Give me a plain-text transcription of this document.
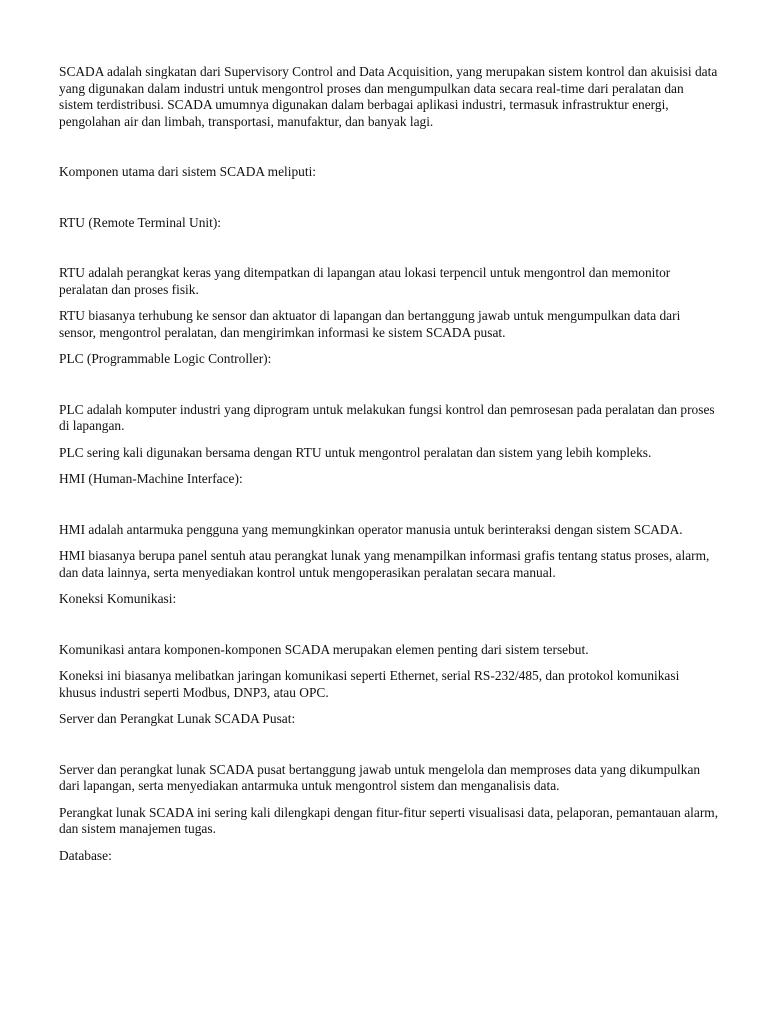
SCADA adalah singkatan dari Supervisory Control and Data Acquisition, yang merupakan sistem kontrol dan akuisisi data yang digunakan dalam industri untuk mengontrol proses dan mengumpulkan data secara real-time dari peralatan dan sistem terdistribusi. SCADA umumnya digunakan dalam berbagai aplikasi industri, termasuk infrastruktur energi, pengolahan air dan limbah, transportasi, manufaktur, dan banyak lagi.

Komponen utama dari sistem SCADA meliputi:

RTU (Remote Terminal Unit):

RTU adalah perangkat keras yang ditempatkan di lapangan atau lokasi terpencil untuk mengontrol dan memonitor peralatan dan proses fisik.

RTU biasanya terhubung ke sensor dan aktuator di lapangan dan bertanggung jawab untuk mengumpulkan data dari sensor, mengontrol peralatan, dan mengirimkan informasi ke sistem SCADA pusat.

PLC (Programmable Logic Controller):

PLC adalah komputer industri yang diprogram untuk melakukan fungsi kontrol dan pemrosesan pada peralatan dan proses di lapangan.

PLC sering kali digunakan bersama dengan RTU untuk mengontrol peralatan dan sistem yang lebih kompleks.

HMI (Human-Machine Interface):

HMI adalah antarmuka pengguna yang memungkinkan operator manusia untuk berinteraksi dengan sistem SCADA.

HMI biasanya berupa panel sentuh atau perangkat lunak yang menampilkan informasi grafis tentang status proses, alarm, dan data lainnya, serta menyediakan kontrol untuk mengoperasikan peralatan secara manual.

Koneksi Komunikasi:

Komunikasi antara komponen-komponen SCADA merupakan elemen penting dari sistem tersebut.

Koneksi ini biasanya melibatkan jaringan komunikasi seperti Ethernet, serial RS-232/485, dan protokol komunikasi khusus industri seperti Modbus, DNP3, atau OPC.

Server dan Perangkat Lunak SCADA Pusat:

Server dan perangkat lunak SCADA pusat bertanggung jawab untuk mengelola dan memproses data yang dikumpulkan dari lapangan, serta menyediakan antarmuka untuk mengontrol sistem dan menganalisis data.

Perangkat lunak SCADA ini sering kali dilengkapi dengan fitur-fitur seperti visualisasi data, pelaporan, pemantauan alarm, dan sistem manajemen tugas.

Database:
